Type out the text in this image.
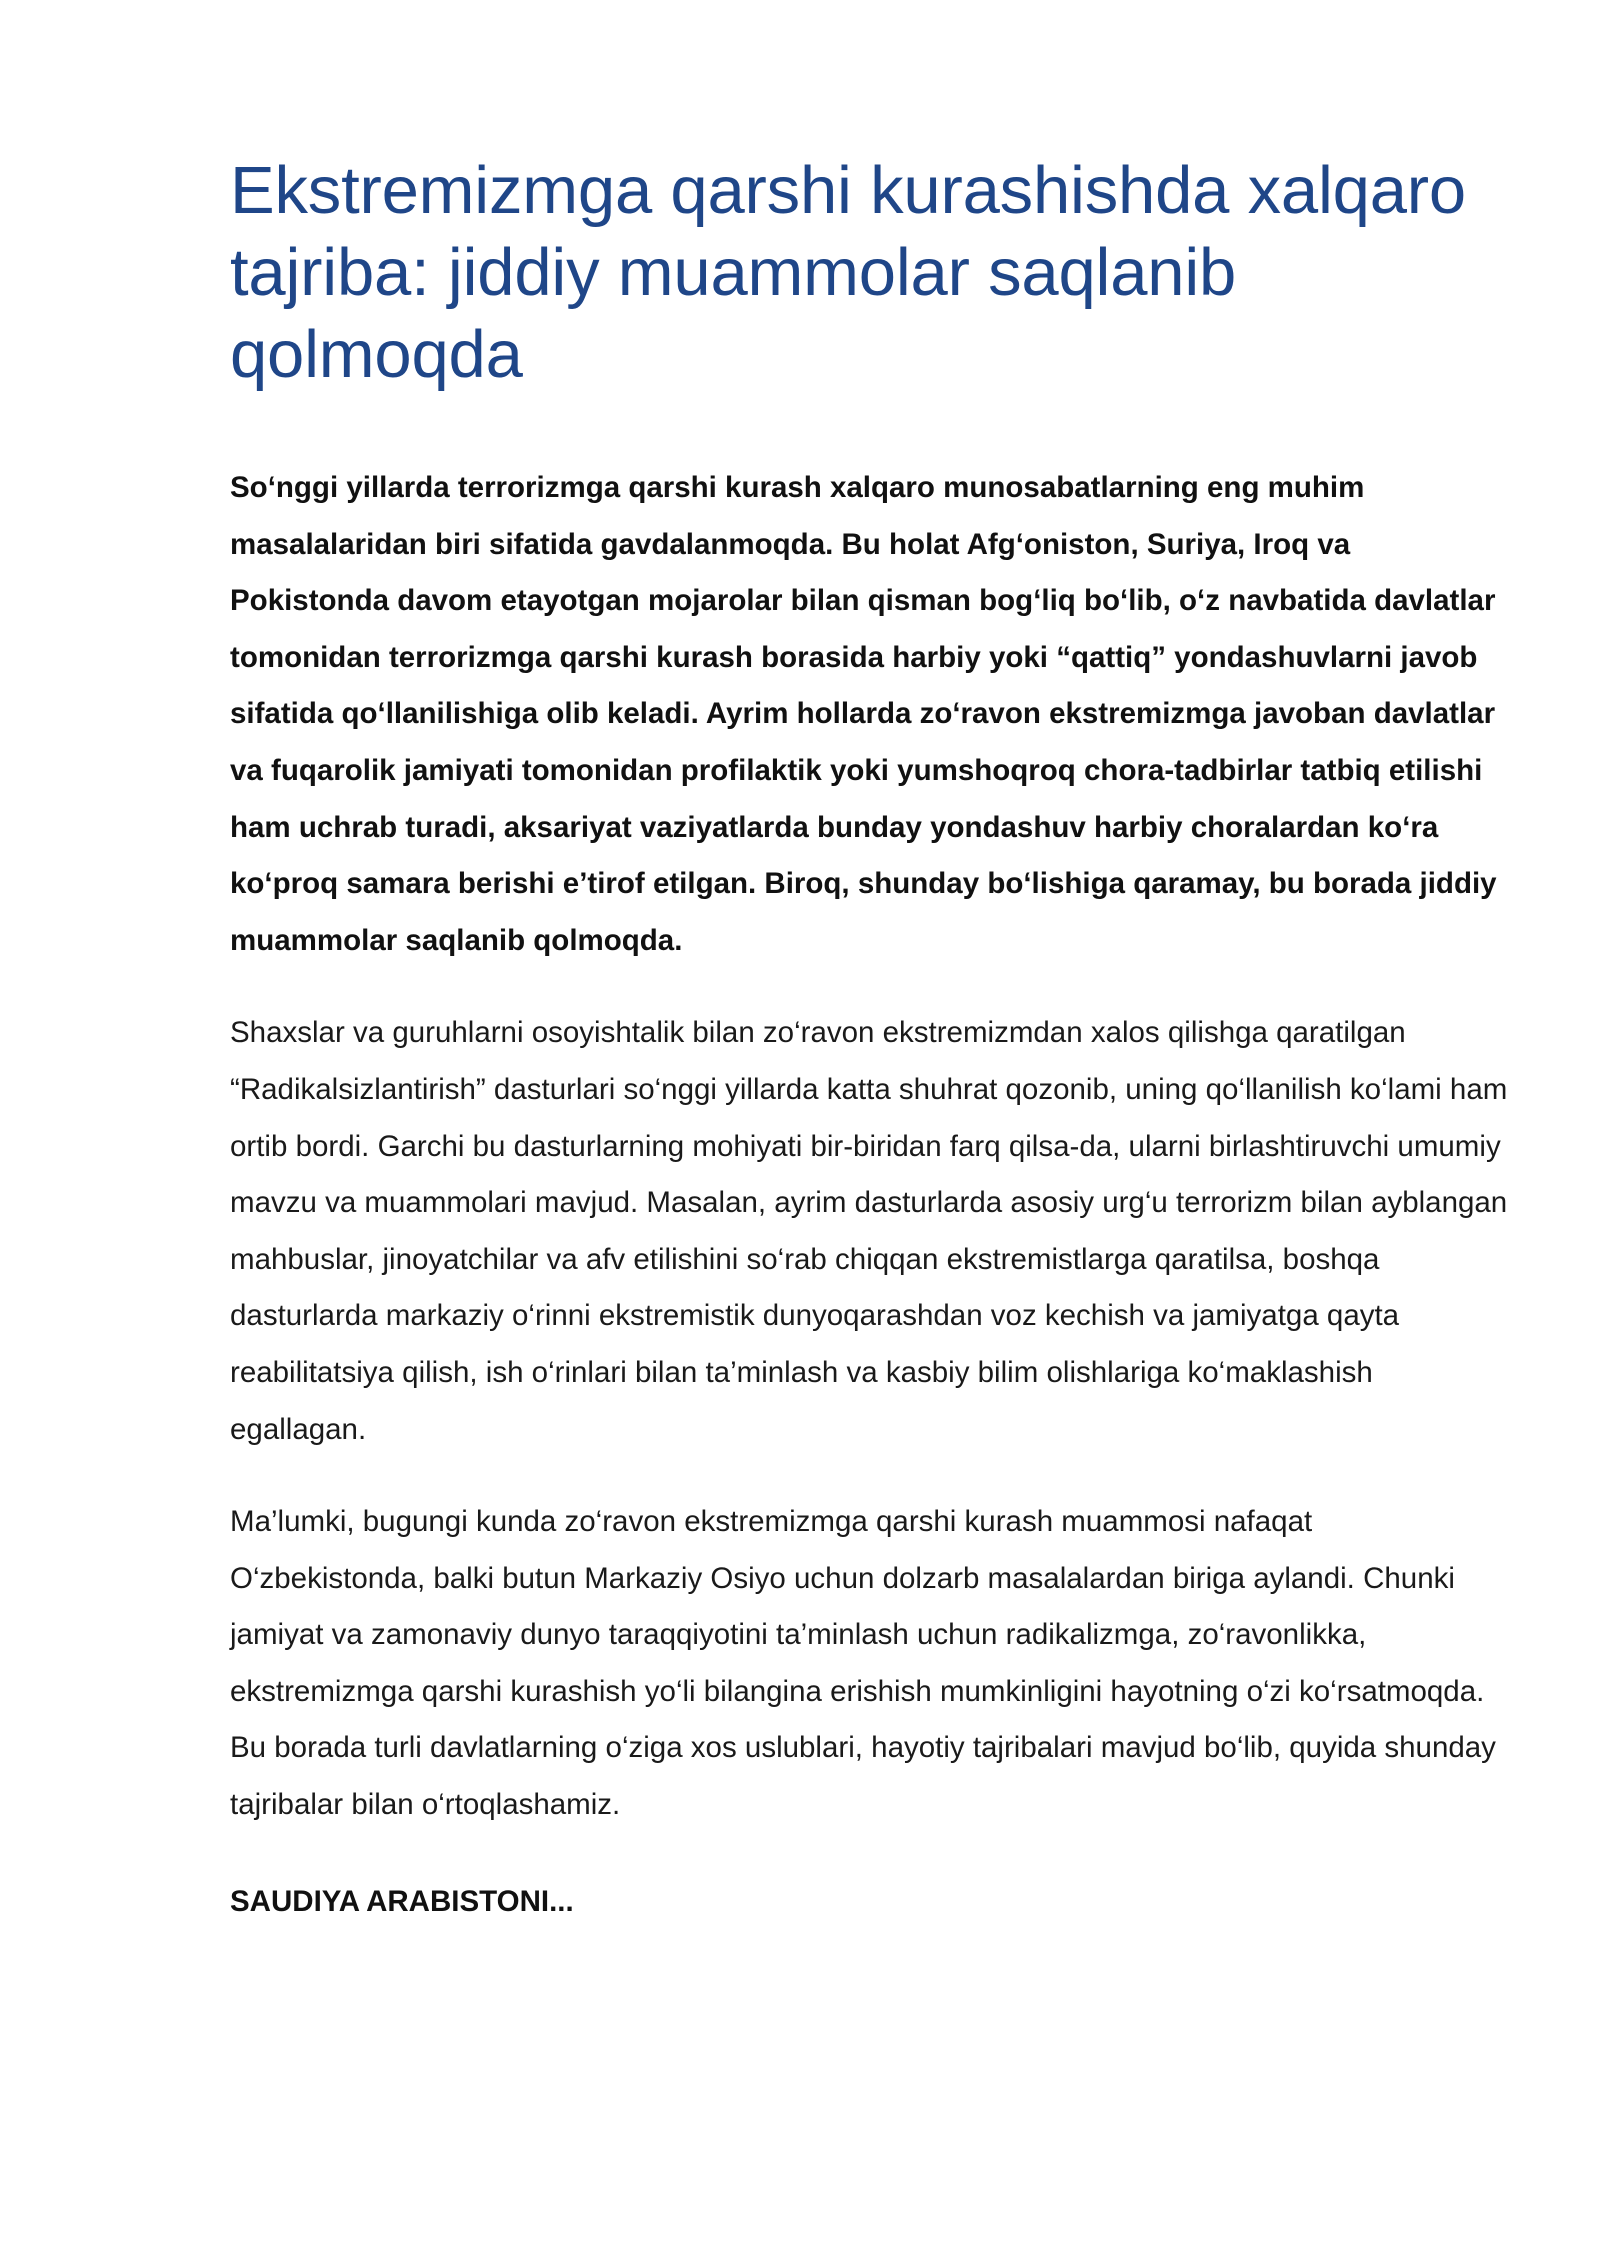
Ekstremizmga qarshi kurashishda xalqaro tajriba: jiddiy muammolar saqlanib qolmoqda

So‘nggi yillarda terrorizmga qarshi kurash xalqaro munosabatlarning eng muhim masalalaridan biri sifatida gavdalanmoqda. Bu holat Afg‘oniston, Suriya, Iroq va Pokistonda davom etayotgan mojarolar bilan qisman bog‘liq bo‘lib, o‘z navbatida davlatlar tomonidan terrorizmga qarshi kurash borasida harbiy yoki “qattiq” yondashuvlarni javob sifatida qo‘llanilishiga olib keladi. Ayrim hollarda zo‘ravon ekstremizmga javoban davlatlar va fuqarolik jamiyati tomonidan profilaktik yoki yumshoqroq chora-tadbirlar tatbiq etilishi ham uchrab turadi, aksariyat vaziyatlarda bunday yondashuv harbiy choralardan ko‘ra ko‘proq samara berishi e’tirof etilgan. Biroq, shunday bo‘lishiga qaramay, bu borada jiddiy muammolar saqlanib qolmoqda.

Shaxslar va guruhlarni osoyishtalik bilan zo‘ravon ekstremizmdan xalos qilishga qaratilgan “Radikalsizlantirish” dasturlari so‘nggi yillarda katta shuhrat qozonib, uning qo‘llanilish ko‘lami ham ortib bordi. Garchi bu dasturlarning mohiyati bir-biridan farq qilsa-da, ularni birlashtiruvchi umumiy mavzu va muammolari mavjud. Masalan, ayrim dasturlarda asosiy urg‘u terrorizm bilan ayblangan mahbuslar, jinoyatchilar va afv etilishini so‘rab chiqqan ekstremistlarga qaratilsa, boshqa dasturlarda markaziy o‘rinni ekstremistik dunyoqarashdan voz kechish va jamiyatga qayta reabilitatsiya qilish, ish o‘rinlari bilan ta’minlash va kasbiy bilim olishlariga ko‘maklashish egallagan.

Ma’lumki, bugungi kunda zo‘ravon ekstremizmga qarshi kurash muammosi nafaqat O‘zbekistonda, balki butun Markaziy Osiyo uchun dolzarb masalalardan biriga aylandi. Chunki jamiyat va zamonaviy dunyo taraqqiyotini ta’minlash uchun radikalizmga, zo‘ravonlikka, ekstremizmga qarshi kurashish yo‘li bilangina erishish mumkinligini hayotning o‘zi ko‘rsatmoqda. Bu borada turli davlatlarning o‘ziga xos uslublari, hayotiy tajribalari mavjud bo‘lib, quyida shunday tajribalar bilan o‘rtoqlashamiz.

SAUDIYA ARABISTONI...
